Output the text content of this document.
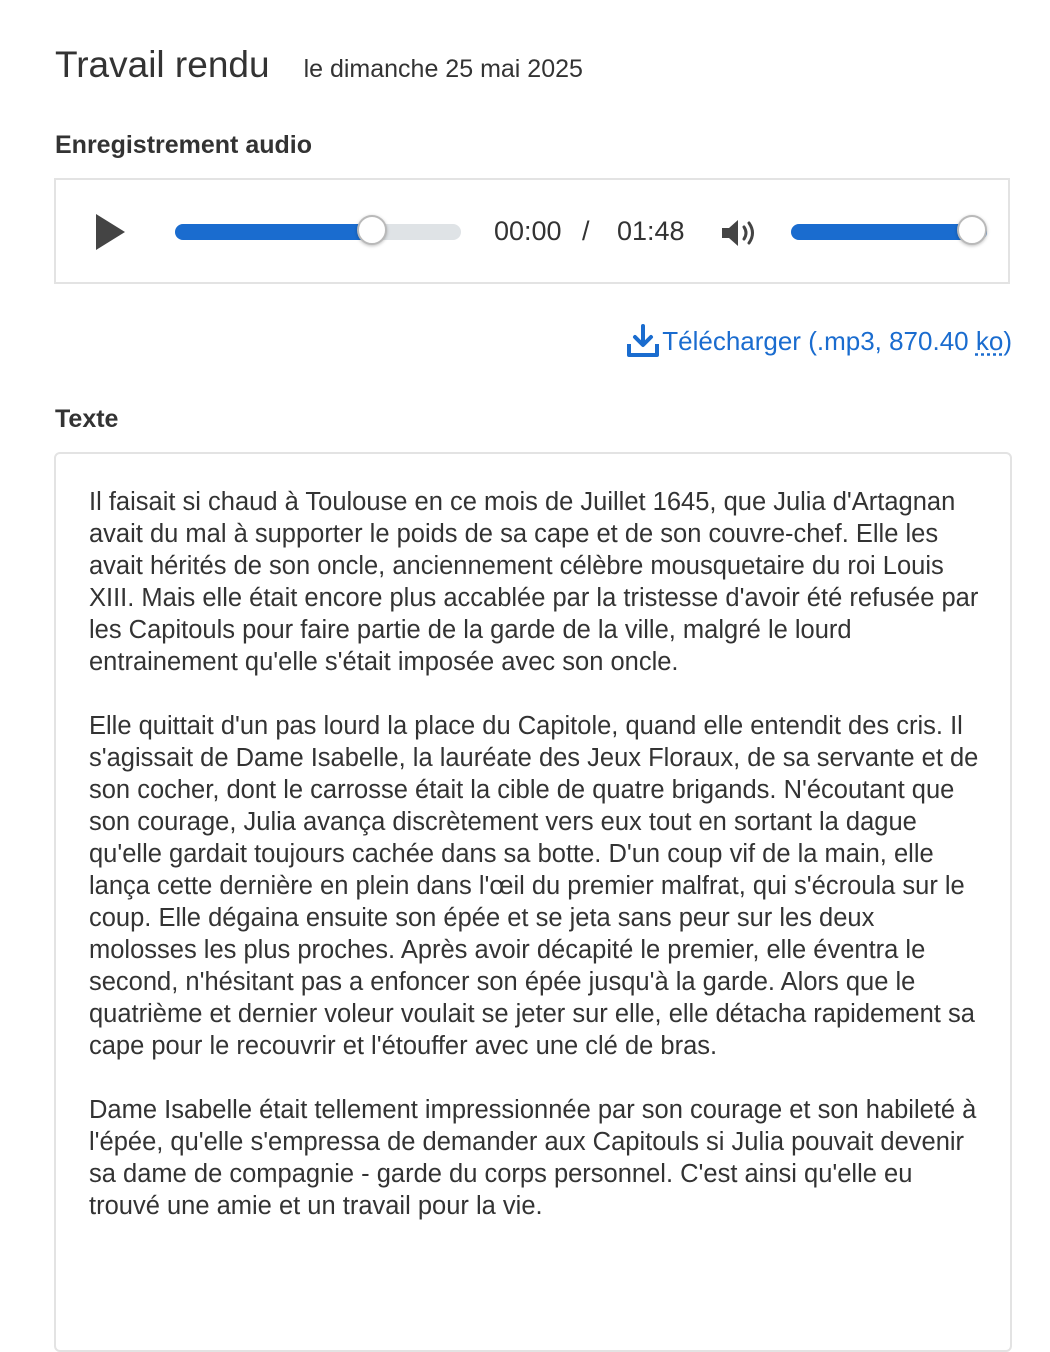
Travail rendu le dimanche 25 mai 2025
Enregistrement audio
00:00 / 01:48
Télécharger (.mp3, 870.40 ko )
Texte

Il faisait si chaud à Toulouse en ce mois de Juillet 1645, que Julia d'Artagnan avait du mal à supporter le poids de sa cape et de son couvre-chef. Elle les avait hérités de son oncle, anciennement célèbre mousquetaire du roi Louis XIII. Mais elle était encore plus accablée par la tristesse d'avoir été refusée par les Capitouls pour faire partie de la garde de la ville, malgré le lourd entrainement qu'elle s'était imposée avec son oncle.

Elle quittait d'un pas lourd la place du Capitole, quand elle entendit des cris. Il s'agissait de Dame Isabelle, la lauréate des Jeux Floraux, de sa servante et de son cocher, dont le carrosse était la cible de quatre brigands. N'écoutant que son courage, Julia avança discrètement vers eux tout en sortant la dague qu'elle gardait toujours cachée dans sa botte. D'un coup vif de la main, elle lança cette dernière en plein dans l'œil du premier malfrat, qui s'écroula sur le coup. Elle dégaina ensuite son épée et se jeta sans peur sur les deux molosses les plus proches. Après avoir décapité le premier, elle éventra le second, n'hésitant pas a enfoncer son épée jusqu'à la garde. Alors que le quatrième et dernier voleur voulait se jeter sur elle, elle détacha rapidement sa cape pour le recouvrir et l'étouffer avec une clé de bras.

Dame Isabelle était tellement impressionnée par son courage et son habileté à l'épée, qu'elle s'empressa de demander aux Capitouls si Julia pouvait devenir sa dame de compagnie - garde du corps personnel. C'est ainsi qu'elle eu trouvé une amie et un travail pour la vie.
